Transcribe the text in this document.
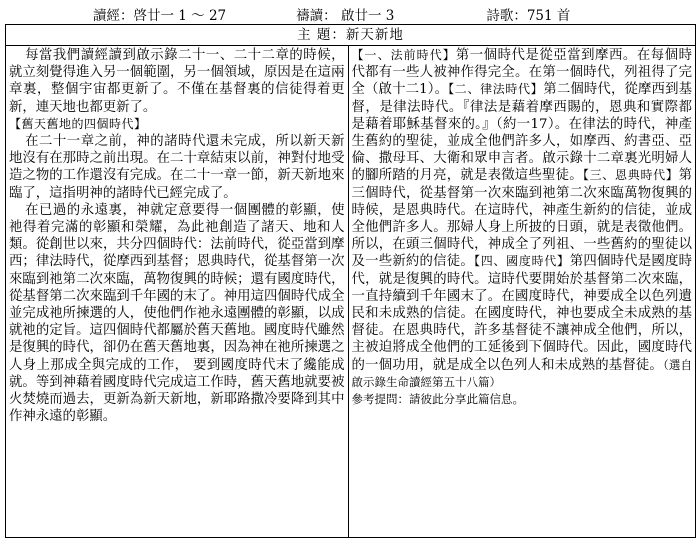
讀經：啓廿一 1 ～ 27	禱讀： 啟廿一 3	詩歌：751 首
主 題：新天新地

每當我們讀經讀到啟示錄二十一、二十二章的時候，就立刻覺得進入另一個範圍，另一個領域，原因是在這兩章裏，整個宇宙都更新了。不僅在基督裏的信徒得着更新，連天地也都更新了。

【舊天舊地的四個時代】

在二十一章之前，神的諸時代還未完成，所以新天新地沒有在那時之前出現。在二十章結束以前，神對付地受造之物的工作還沒有完成。在二十一章一節，新天新地來臨了，這指明神的諸時代已經完成了。

在已過的永遠裏，神就定意要得一個團體的彰顯，使祂得着完滿的彰顯和榮耀，為此祂創造了諸天、地和人類。從創世以來，共分四個時代：法前時代，從亞當到摩西；律法時代，從摩西到基督；恩典時代，從基督第一次來臨到祂第二次來臨，萬物復興的時候；還有國度時代，從基督第二次來臨到千年國的末了。神用這四個時代成全並完成祂所揀選的人，使他們作祂永遠團體的彰顯，以成就祂的定旨。這四個時代都屬於舊天舊地。國度時代雖然是復興的時代，卻仍在舊天舊地裏，因為神在祂所揀選之人身上那成全與完成的工作， 要到國度時代末了纔能成就。等到神藉着國度時代完成這工作時，舊天舊地就要被火焚燒而過去，更新為新天新地，新耶路撒冷要降到其中作神永遠的彰顯。

【一、法前時代】第一個時代是從亞當到摩西。在每個時代都有一些人被神作得完全。在第一個時代，列祖得了完全（啟十二1）。【二、律法時代】第二個時代，從摩西到基督，是律法時代。『律法是藉着摩西賜的，恩典和實際都是藉着耶穌基督來的。』（約一17）。在律法的時代，神產生舊約的聖徒，並成全他們許多人，如摩西、約書亞、亞倫、撒母耳、大衛和眾申言者。啟示錄十二章裏光明婦人的腳所踏的月亮，就是表徵這些聖徒。【三、恩典時代】第三個時代，從基督第一次來臨到祂第二次來臨萬物復興的時候，是恩典時代。在這時代，神產生新約的信徒，並成全他們許多人。那婦人身上所披的日頭，就是表徵他們。所以，在頭三個時代，神成全了列祖、一些舊約的聖徒以及一些新約的信徒。【四、國度時代】第四個時代是國度時代，就是復興的時代。這時代要開始於基督第二次來臨，一直持續到千年國末了。在國度時代，神要成全以色列遺民和未成熟的信徒。在國度時代，神也要成全未成熟的基督徒。在恩典時代，許多基督徒不讓神成全他們，所以，主被迫將成全他們的工延後到下個時代。因此，國度時代的一個功用，就是成全以色列人和未成熟的基督徒。（選自啟示錄生命讀經第五十八篇）

參考提問：請彼此分享此篇信息。
